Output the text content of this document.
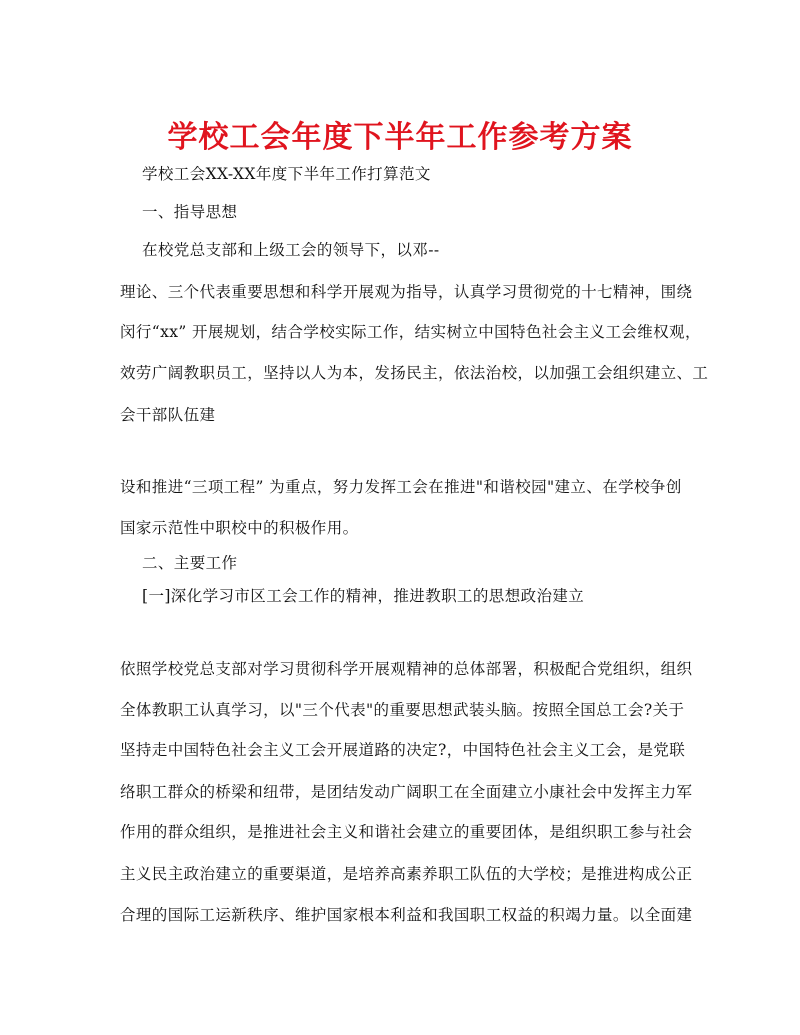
学校工会年度下半年工作参考方案
学校工会XX-XX年度下半年工作打算范文
一、指导思想
在校党总支部和上级工会的领导下，以邓--
理论、三个代表重要思想和科学开展观为指导，认真学习贯彻党的十七精神，围绕
闵行“xx” 开展规划，结合学校实际工作，结实树立中国特色社会主义工会维权观，
效劳广阔教职员工，坚持以人为本，发扬民主，依法治校，以加强工会组织建立、工
会干部队伍建
设和推进“三项工程” 为重点，努力发挥工会在推进"和谐校园"建立、在学校争创
国家示范性中职校中的积极作用。
二、主要工作
[一]深化学习市区工会工作的精神，推进教职工的思想政治建立
依照学校党总支部对学习贯彻科学开展观精神的总体部署，积极配合党组织，组织
全体教职工认真学习，以"三个代表"的重要思想武装头脑。按照全国总工会?关于
坚持走中国特色社会主义工会开展道路的决定?，中国特色社会主义工会，是党联
络职工群众的桥梁和纽带，是团结发动广阔职工在全面建立小康社会中发挥主力军
作用的群众组织，是推进社会主义和谐社会建立的重要团体，是组织职工参与社会
主义民主政治建立的重要渠道，是培养高素养职工队伍的大学校；是推进构成公正
合理的国际工运新秩序、维护国家根本利益和我国职工权益的积竭力量。以全面建
